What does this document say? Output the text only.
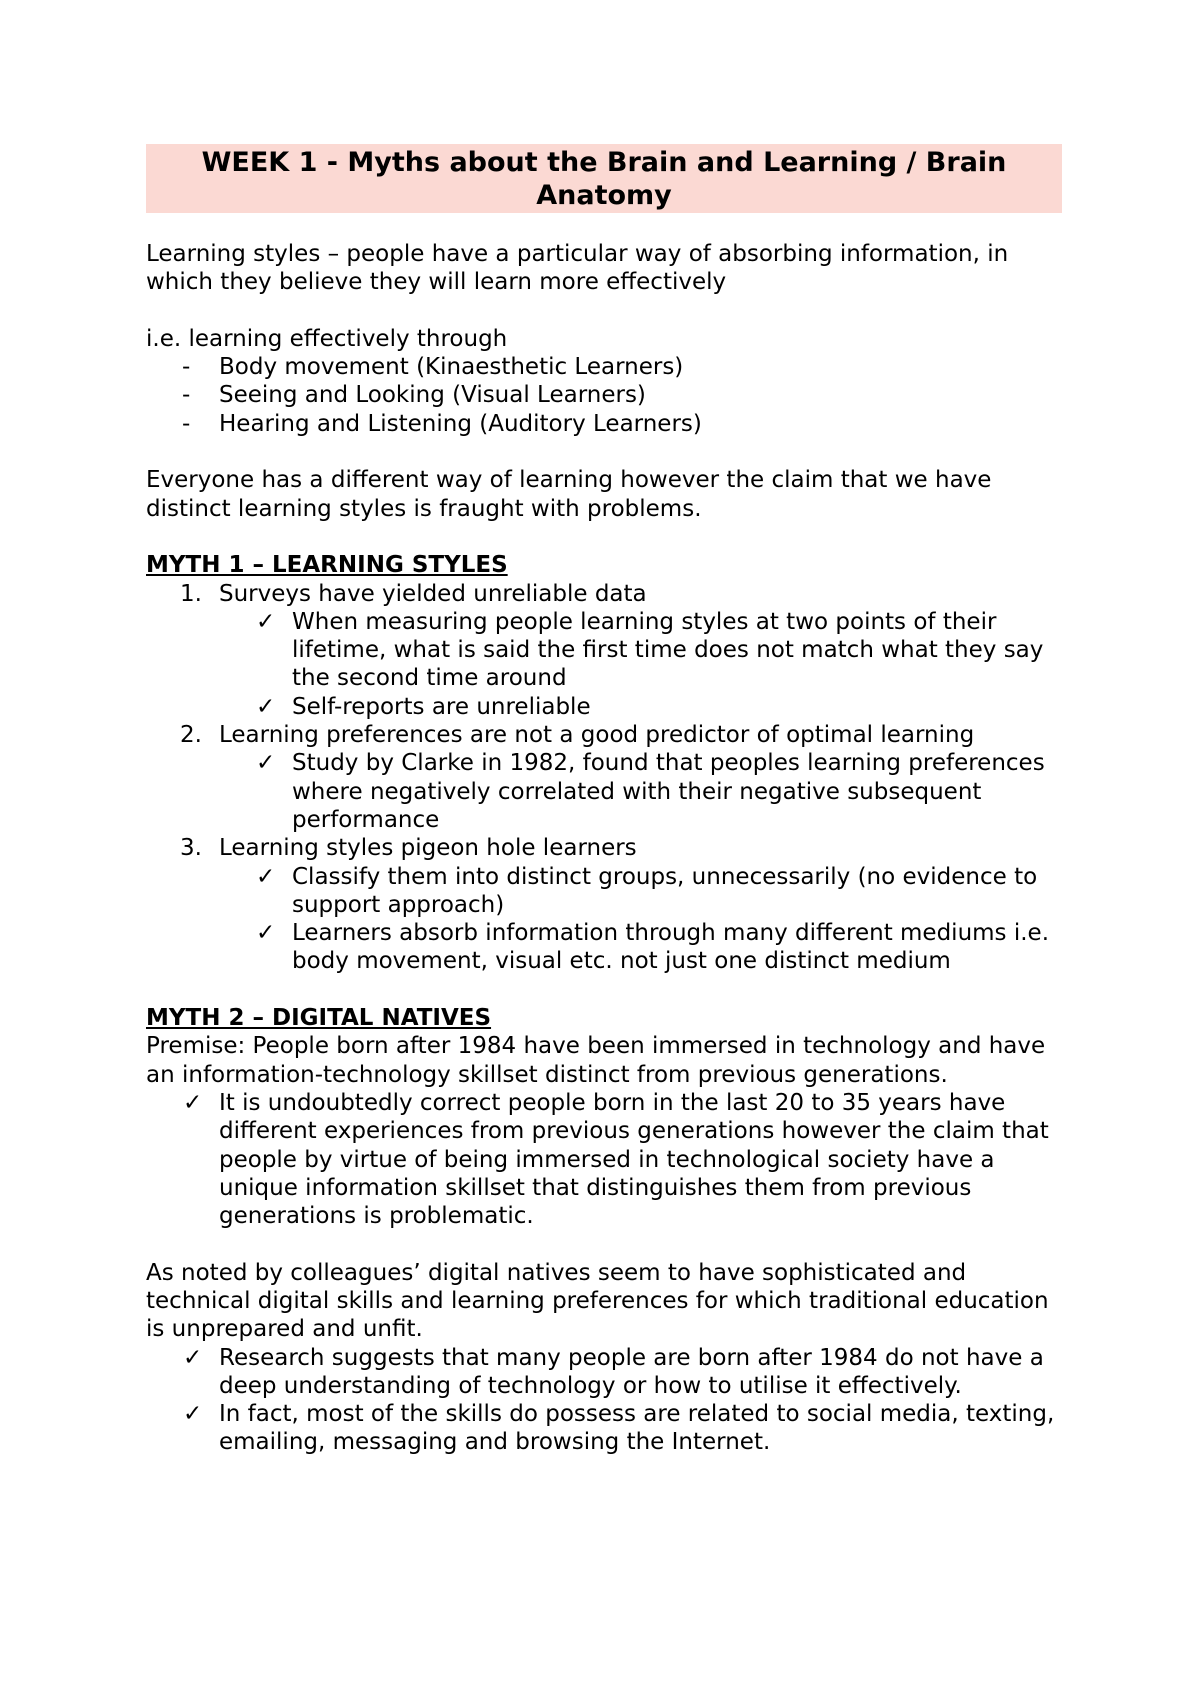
WEEK 1 - Myths about the Brain and Learning / Brain Anatomy

Learning styles – people have a particular way of absorbing information, in which they believe they will learn more effectively

i.e. learning effectively through

-	Body movement (Kinaesthetic Learners)
-	Seeing and Looking (Visual Learners)
-	Hearing and Listening (Auditory Learners)

Everyone has a different way of learning however the claim that we have distinct learning styles is fraught with problems.

MYTH 1 – LEARNING STYLES

1. Surveys have yielded unreliable data
✓ When measuring people learning styles at two points of their lifetime, what is said the first time does not match what they say the second time around
✓ Self-reports are unreliable
2. Learning preferences are not a good predictor of optimal learning
✓ Study by Clarke in 1982, found that peoples learning preferences where negatively correlated with their negative subsequent performance
3. Learning styles pigeon hole learners
✓ Classify them into distinct groups, unnecessarily (no evidence to support approach)
✓ Learners absorb information through many different mediums i.e. body movement, visual etc. not just one distinct medium

MYTH 2 – DIGITAL NATIVES

Premise: People born after 1984 have been immersed in technology and have an information-technology skillset distinct from previous generations.

✓ It is undoubtedly correct people born in the last 20 to 35 years have different experiences from previous generations however the claim that people by virtue of being immersed in technological society have a unique information skillset that distinguishes them from previous generations is problematic.

As noted by colleagues’ digital natives seem to have sophisticated and technical digital skills and learning preferences for which traditional education is unprepared and unfit.

✓ Research suggests that many people are born after 1984 do not have a deep understanding of technology or how to utilise it effectively.
✓ In fact, most of the skills do possess are related to social media, texting, emailing, messaging and browsing the Internet.
